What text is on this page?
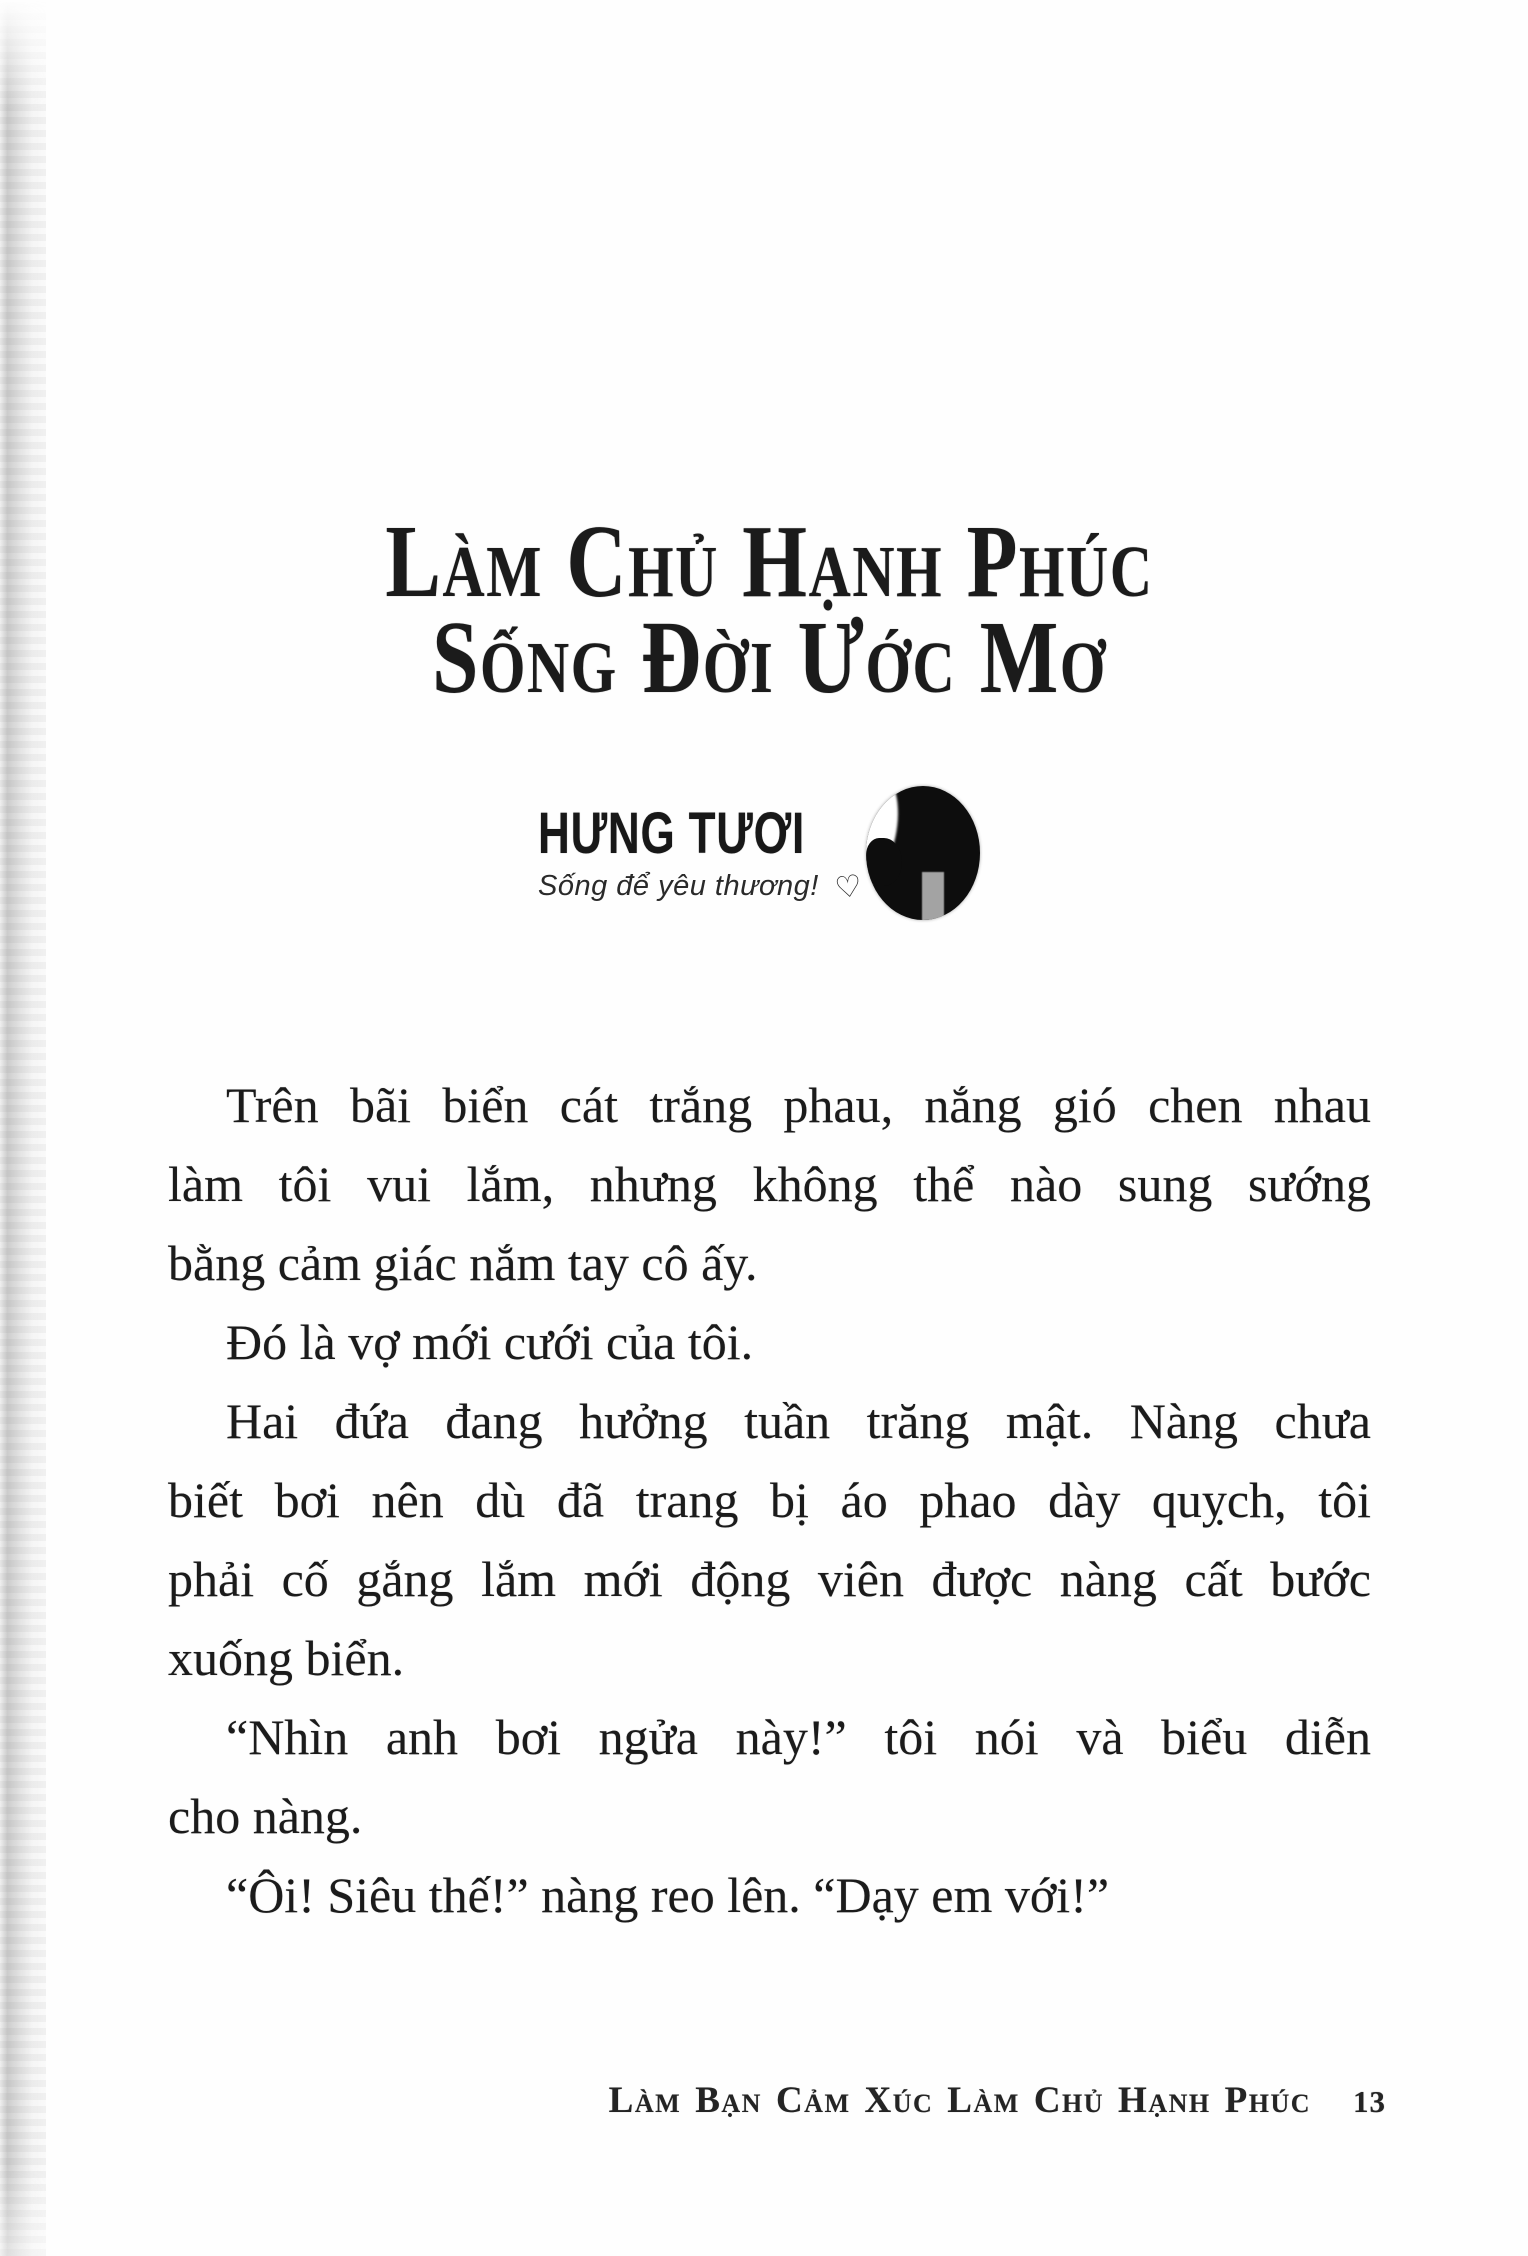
LÀM CHỦ HẠNH PHÚC
SỐNG ĐỜI ƯỚC MƠ
HƯNG TƯƠI
Sống để yêu thương! ♡
Trên bãi biển cát trắng phau, nắng gió chen nhau
làm tôi vui lắm, nhưng không thể nào sung sướng
bằng cảm giác nắm tay cô ấy.
Đó là vợ mới cưới của tôi.
Hai đứa đang hưởng tuần trăng mật. Nàng chưa
biết bơi nên dù đã trang bị áo phao dày quỵch, tôi
phải cố gắng lắm mới động viên được nàng cất bước
xuống biển.
“Nhìn anh bơi ngửa này!” tôi nói và biểu diễn
cho nàng.
“Ôi! Siêu thế!” nàng reo lên. “Dạy em với!”
LÀM BẠN CẢM XÚC LÀM CHỦ HẠNH PHÚC 13
